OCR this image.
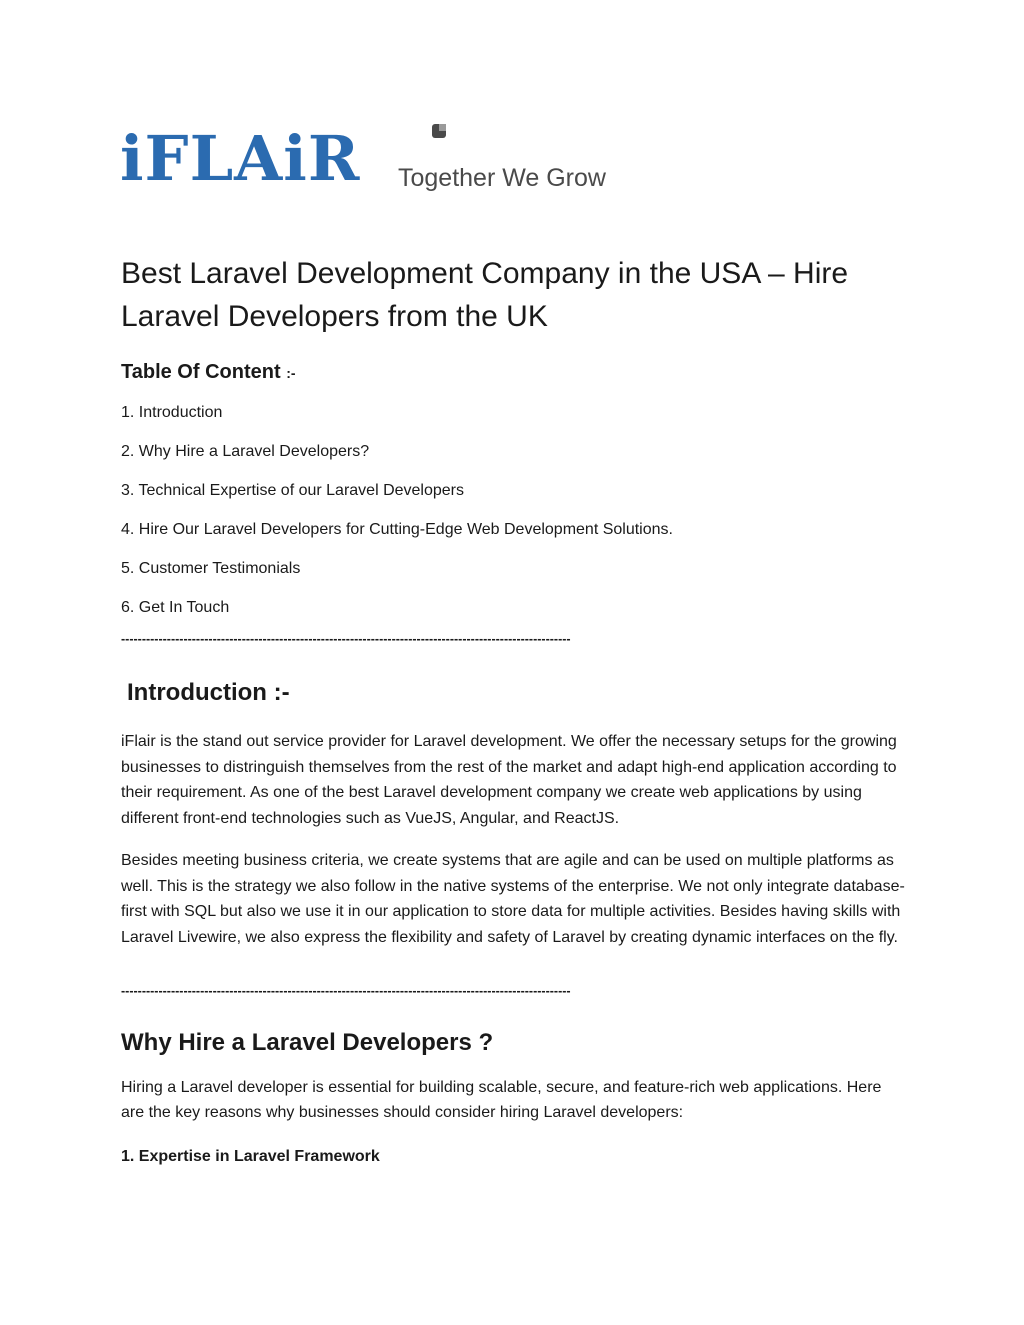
iFLAiR Together We Grow
Best Laravel Development Company in the USA – Hire Laravel Developers from the UK
Table Of Content :-
1. Introduction
2. Why Hire a Laravel Developers?
3. Technical Expertise of our Laravel Developers
4. Hire Our Laravel Developers for Cutting-Edge Web Development Solutions.
5. Customer Testimonials
6. Get In Touch
------------------------------------------------------------------------------------------------------------
Introduction :-

iFlair is the stand out service provider for Laravel development. We offer the necessary setups for the growing businesses to distringuish themselves from the rest of the market and adapt high-end application according to their requirement. As one of the best Laravel development company we create web applications by using different front-end technologies such as VueJS, Angular, and ReactJS.

Besides meeting business criteria, we create systems that are agile and can be used on multiple platforms as well. This is the strategy we also follow in the native systems of the enterprise. We not only integrate database-first with SQL but also we use it in our application to store data for multiple activities. Besides having skills with Laravel Livewire, we also express the flexibility and safety of Laravel by creating dynamic interfaces on the fly.

------------------------------------------------------------------------------------------------------------
Why Hire a Laravel Developers ?

Hiring a Laravel developer is essential for building scalable, secure, and feature-rich web applications. Here are the key reasons why businesses should consider hiring Laravel developers:

1. Expertise in Laravel Framework
